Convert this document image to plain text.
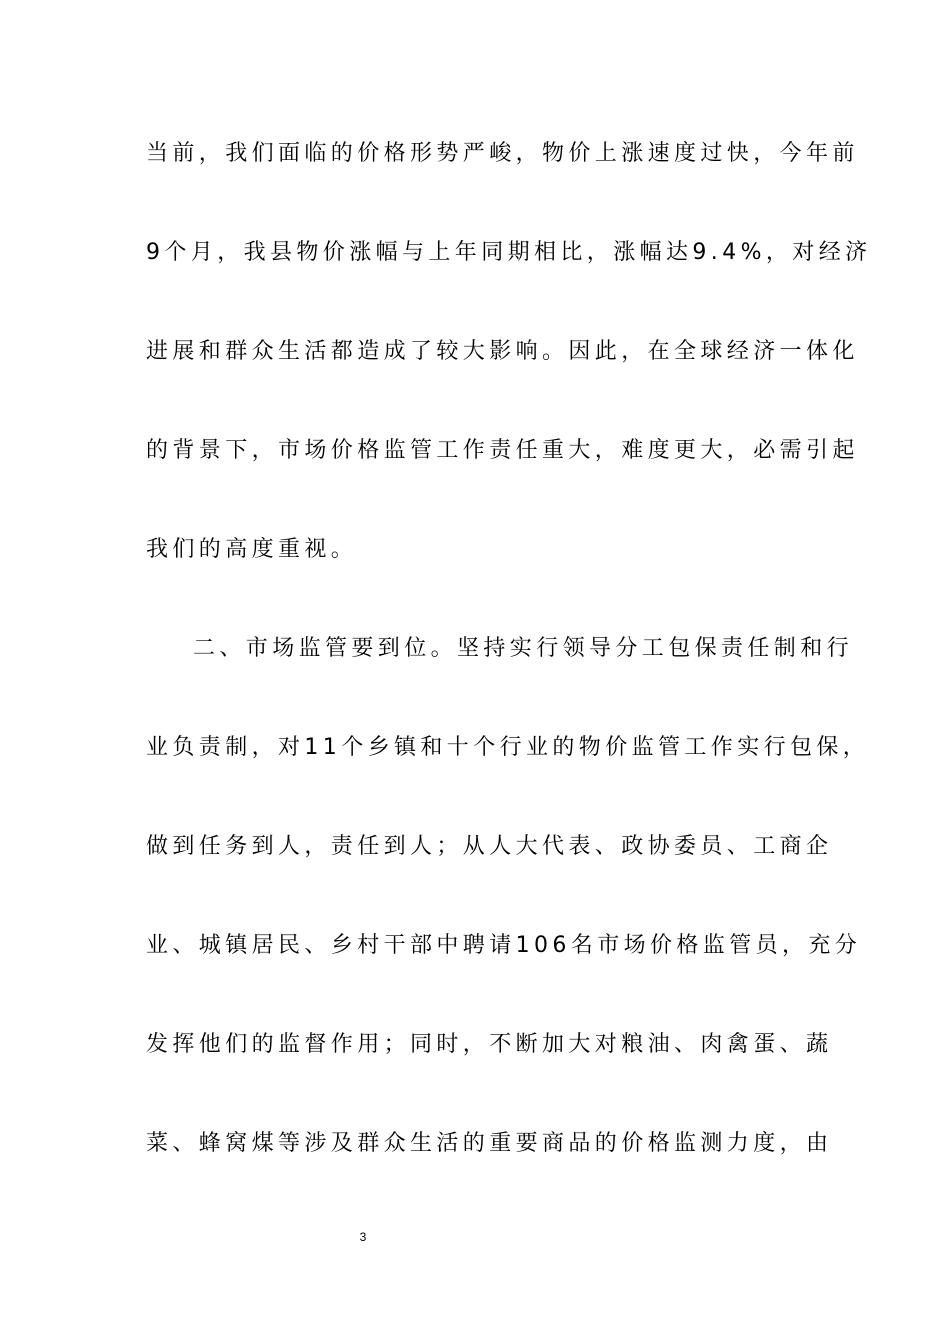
当前，我们面临的价格形势严峻，物价上涨速度过快，今年前
9个月，我县物价涨幅与上年同期相比，涨幅达9.4%，对经济
进展和群众生活都造成了较大影响。因此，在全球经济一体化
的背景下，市场价格监管工作责任重大，难度更大，必需引起
我们的高度重视。
二、市场监管要到位。坚持实行领导分工包保责任制和行
业负责制，对11个乡镇和十个行业的物价监管工作实行包保，
做到任务到人，责任到人；从人大代表、政协委员、工商企
业、城镇居民、乡村干部中聘请106名市场价格监管员，充分
发挥他们的监督作用；同时，不断加大对粮油、肉禽蛋、蔬
菜、蜂窝煤等涉及群众生活的重要商品的价格监测力度，由
3
